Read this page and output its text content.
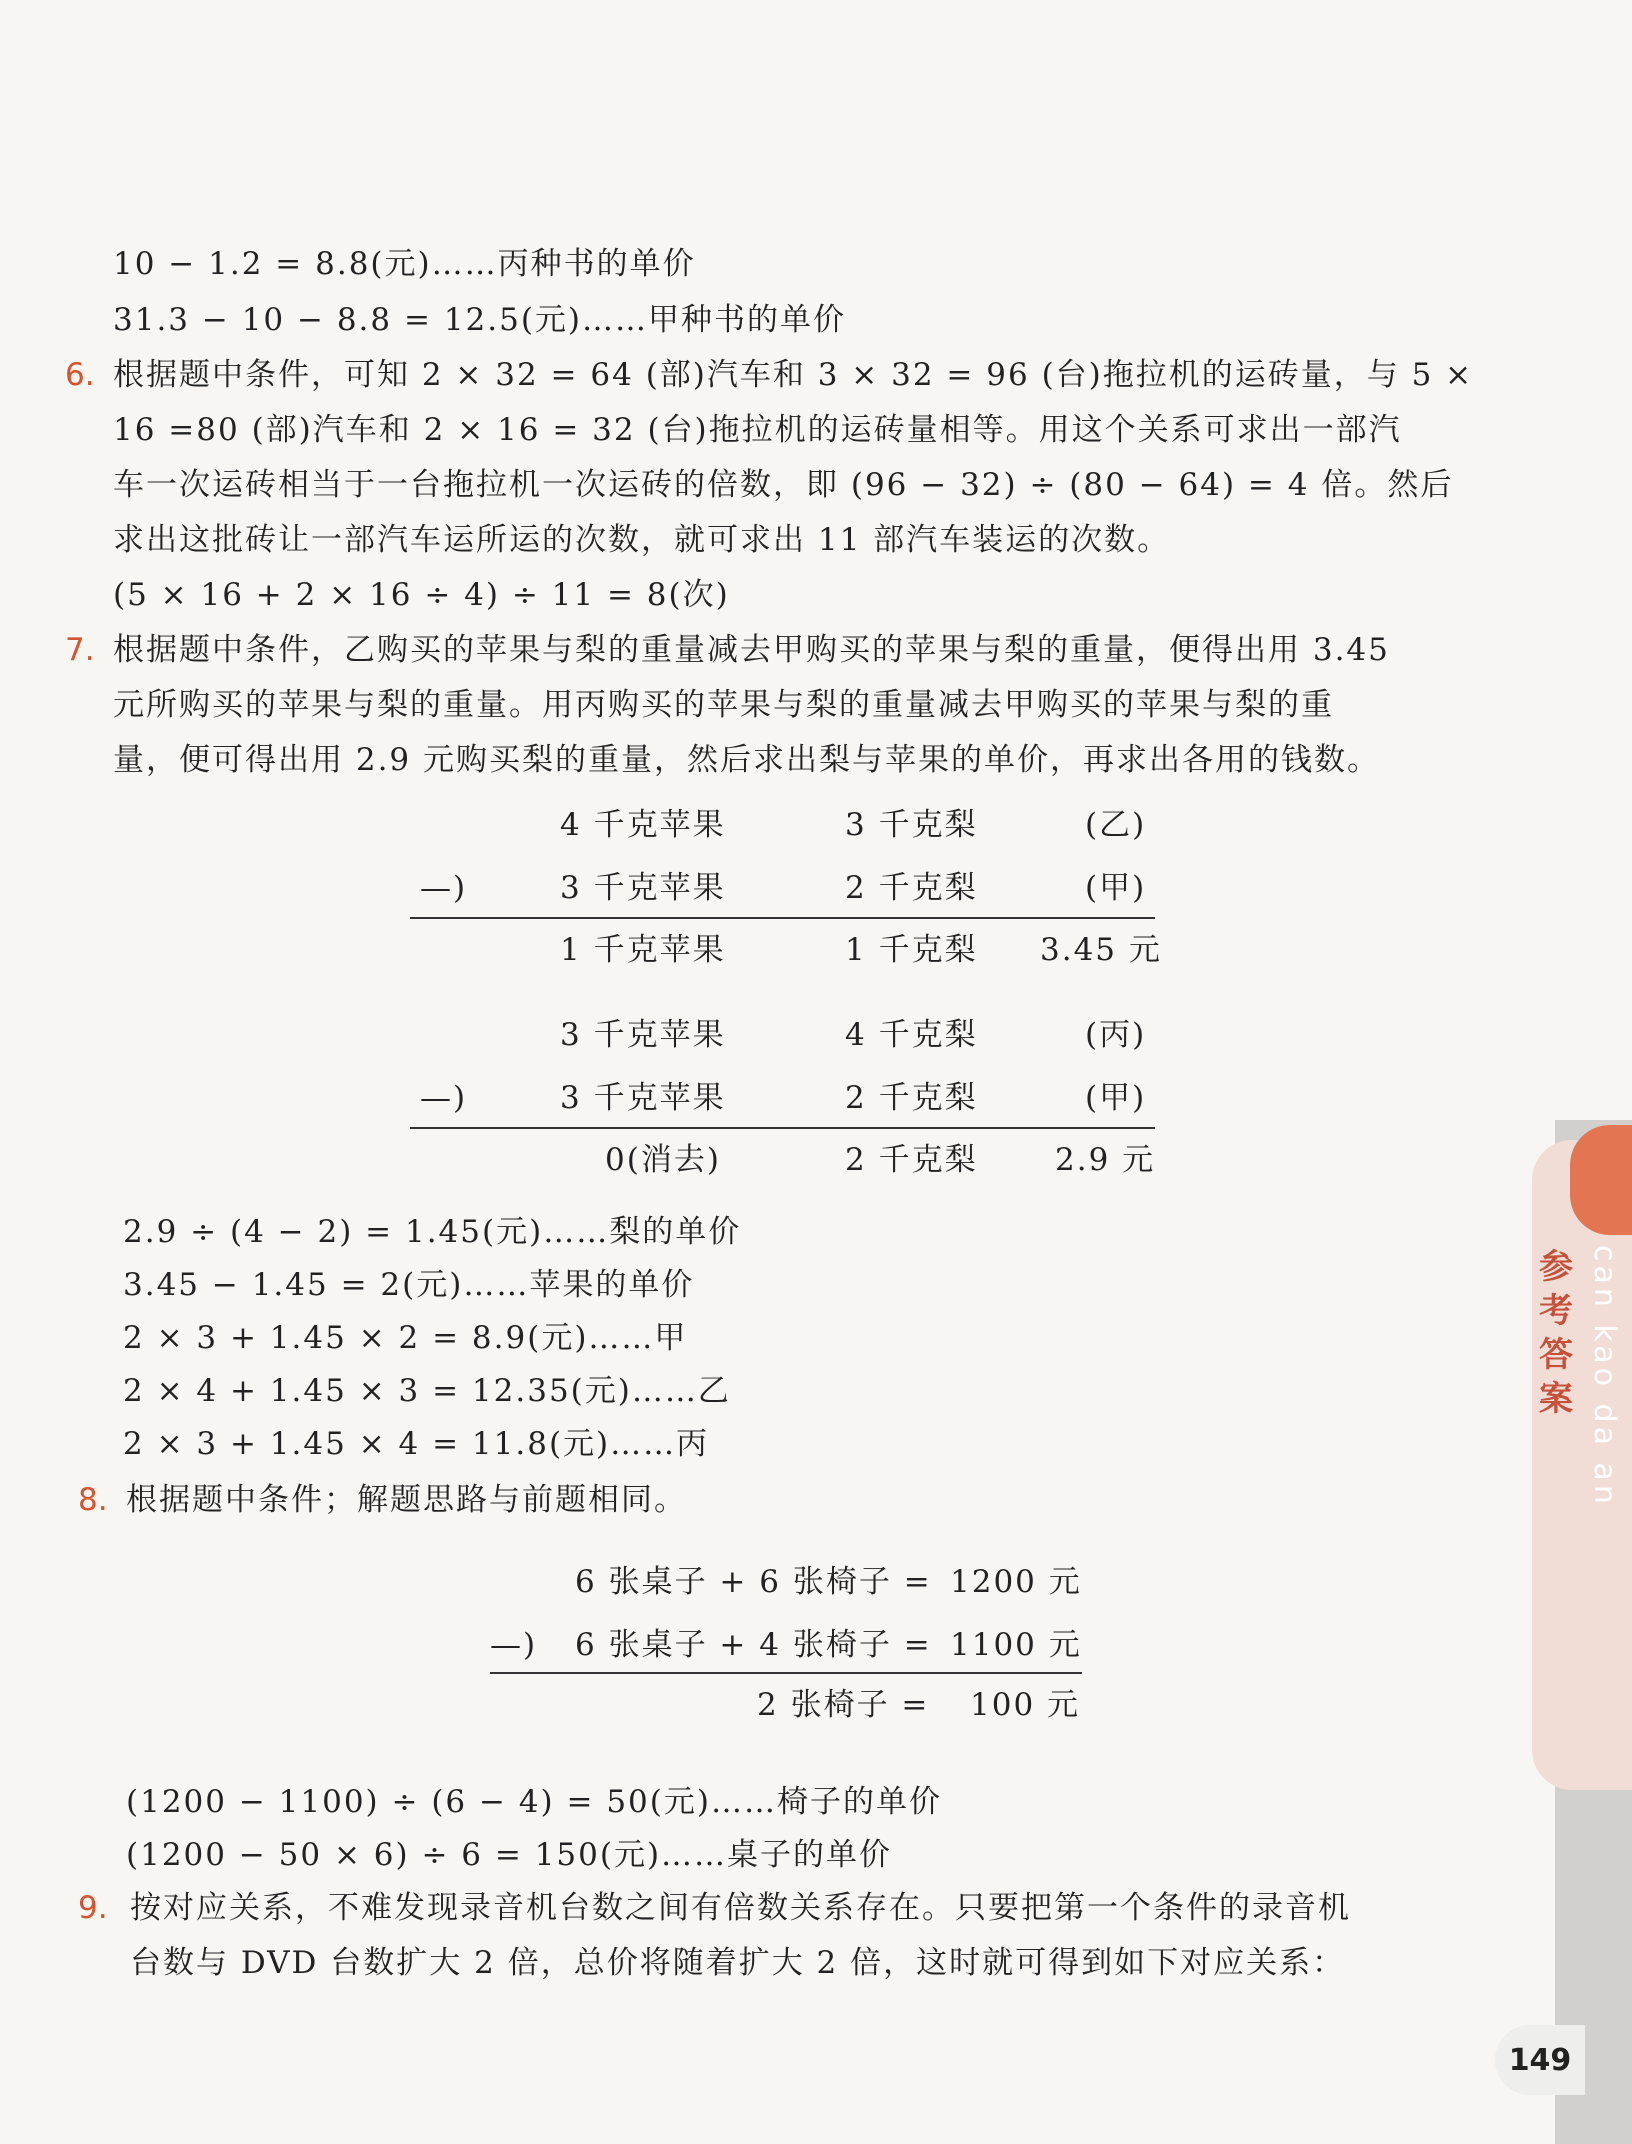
10 − 1.2 = 8.8(元)……丙种书的单价
31.3 − 10 − 8.8 = 12.5(元)……甲种书的单价
6. 根据题中条件，可知 2 × 32 = 64 (部)汽车和 3 × 32 = 96 (台)拖拉机的运砖量，与 5 ×
16 =80 (部)汽车和 2 × 16 = 32 (台)拖拉机的运砖量相等。用这个关系可求出一部汽
车一次运砖相当于一台拖拉机一次运砖的倍数，即 (96 − 32) ÷ (80 − 64) = 4 倍。然后
求出这批砖让一部汽车运所运的次数，就可求出 11 部汽车装运的次数。
(5 × 16 + 2 × 16 ÷ 4) ÷ 11 = 8(次)
7. 根据题中条件，乙购买的苹果与梨的重量减去甲购买的苹果与梨的重量，便得出用 3.45
元所购买的苹果与梨的重量。用丙购买的苹果与梨的重量减去甲购买的苹果与梨的重
量，便可得出用 2.9 元购买梨的重量，然后求出梨与苹果的单价，再求出各用的钱数。
4 千克苹果	3 千克梨	(乙)
—)	3 千克苹果	2 千克梨	(甲)
1 千克苹果	1 千克梨 3.45 元
3 千克苹果	4 千克梨	(丙)
—)	3 千克苹果	2 千克梨	(甲)
0(消去)	2 千克梨 2.9 元
2.9 ÷ (4 − 2) = 1.45(元)……梨的单价
3.45 − 1.45 = 2(元)……苹果的单价
2 × 3 + 1.45 × 2 = 8.9(元)……甲
2 × 4 + 1.45 × 3 = 12.35(元)……乙
2 × 3 + 1.45 × 4 = 11.8(元)……丙
8. 根据题中条件；解题思路与前题相同。
6 张桌子 + 6 张椅子 = 1200 元
—) 6 张桌子 + 4 张椅子 = 1100 元
2 张椅子 = 100 元
(1200 − 1100) ÷ (6 − 4) = 50(元)……椅子的单价
(1200 − 50 × 6) ÷ 6 = 150(元)……桌子的单价
9. 按对应关系，不难发现录音机台数之间有倍数关系存在。只要把第一个条件的录音机
台数与 DVD 台数扩大 2 倍，总价将随着扩大 2 倍，这时就可得到如下对应关系：
参
考
答
案 can kao da an
149
